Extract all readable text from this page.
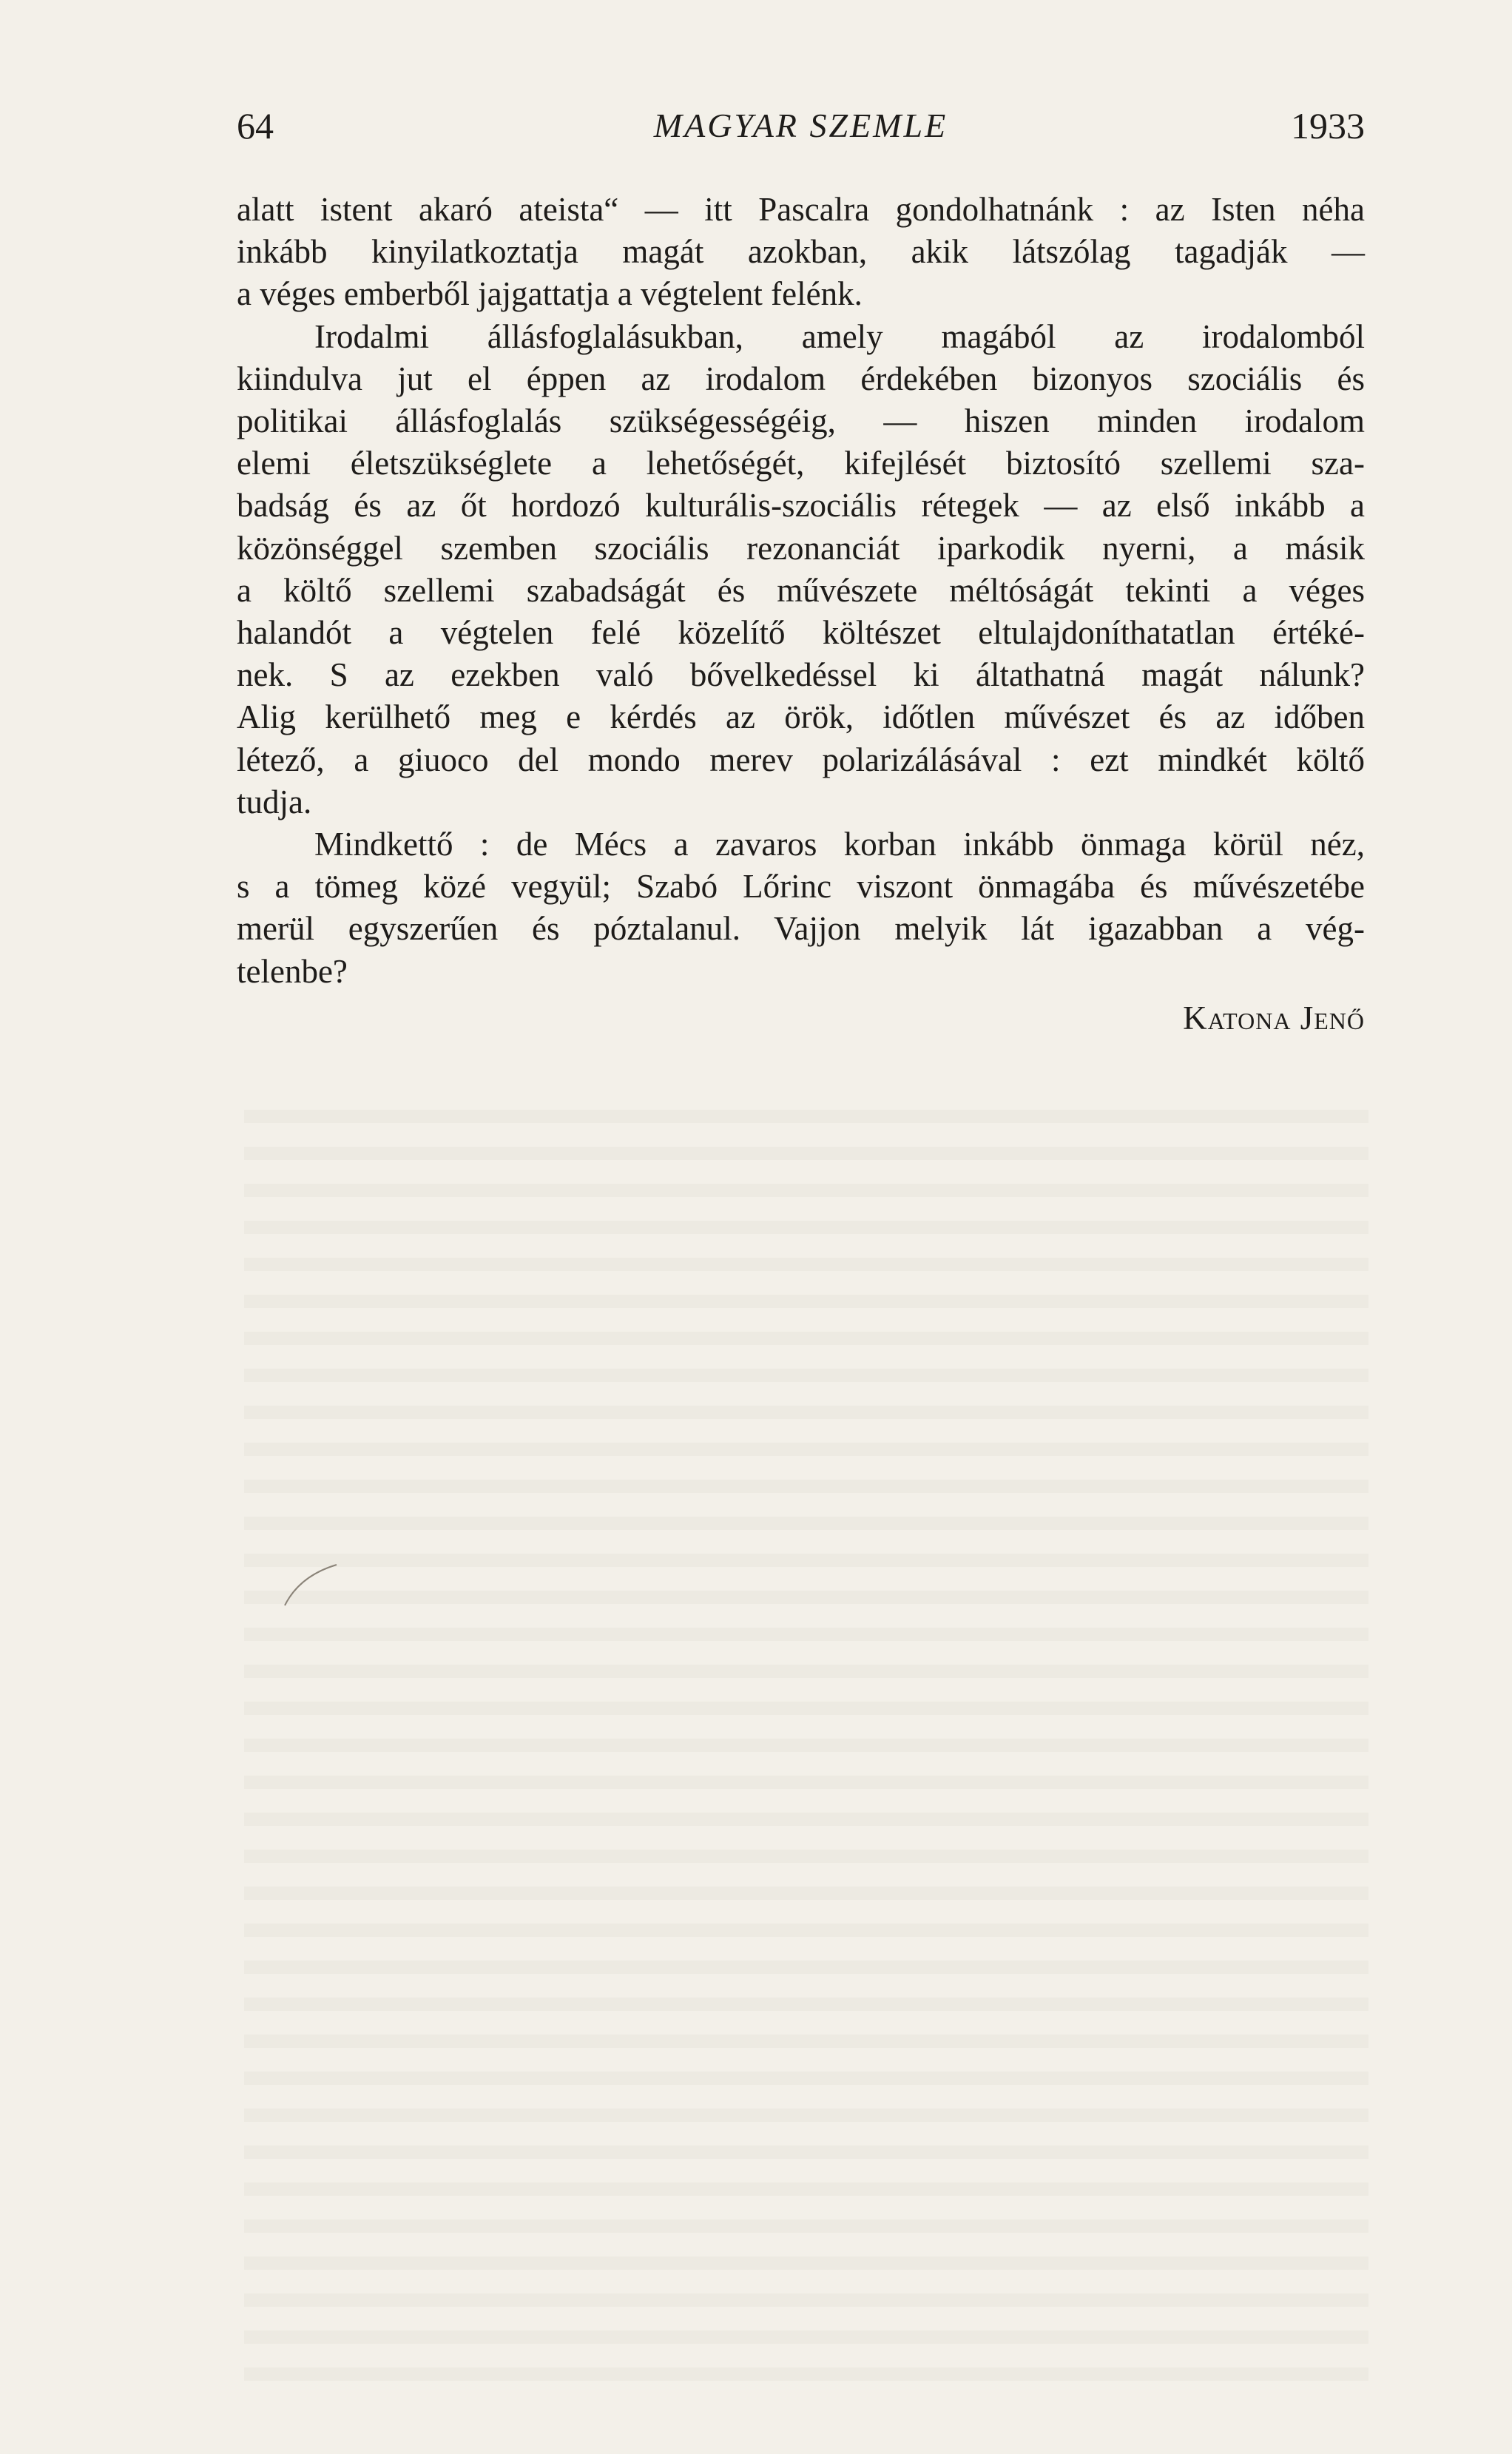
64	MAGYAR SZEMLE	1933
alatt istent akaró ateista“ — itt Pascalra gondolhatnánk : az Isten néha
inkább kinyilatkoztatja magát azokban, akik látszólag tagadják —
a véges emberből jajgattatja a végtelent felénk.
Irodalmi állásfoglalásukban, amely magából az irodalomból
kiindulva jut el éppen az irodalom érdekében bizonyos szociális és
politikai állásfoglalás szükségességéig, — hiszen minden irodalom
elemi életszükséglete a lehetőségét, kifejlését biztosító szellemi sza-
badság és az őt hordozó kulturális-szociális rétegek — az első inkább a
közönséggel szemben szociális rezonanciát iparkodik nyerni, a másik
a költő szellemi szabadságát és művészete méltóságát tekinti a véges
halandót a végtelen felé közelítő költészet eltulajdoníthatatlan értéké-
nek. S az ezekben való bővelkedéssel ki áltathatná magát nálunk?
Alig kerülhető meg e kérdés az örök, időtlen művészet és az időben
létező, a giuoco del mondo merev polarizálásával : ezt mindkét költő
tudja.
Mindkettő : de Mécs a zavaros korban inkább önmaga körül néz,
s a tömeg közé vegyül; Szabó Lőrinc viszont önmagába és művészetébe
merül egyszerűen és póztalanul. Vajjon melyik lát igazabban a vég-
telenbe?
Katona Jenő
